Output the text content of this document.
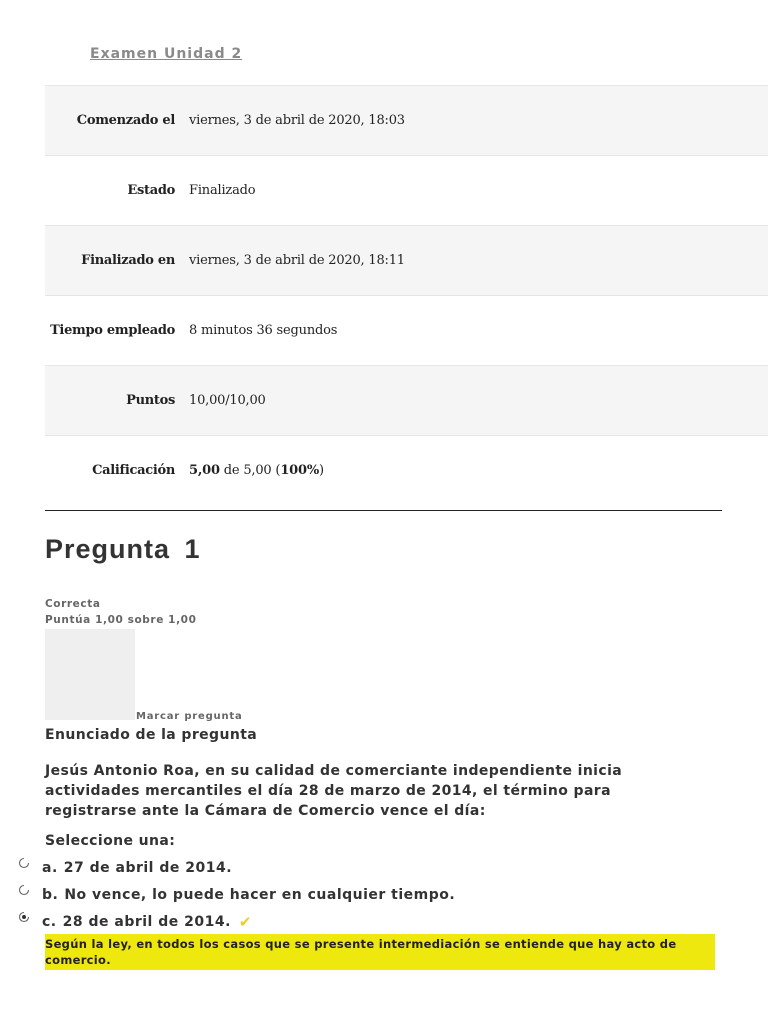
Examen Unidad 2
Comenzado el	viernes, 3 de abril de 2020, 18:03
Estado	Finalizado
Finalizado en	viernes, 3 de abril de 2020, 18:11
Tiempo empleado	8 minutos 36 segundos
Puntos	10,00/10,00
Calificación	5,00 de 5,00 (100%)
Pregunta 1
Correcta
Puntúa 1,00 sobre 1,00
Marcar pregunta
Enunciado de la pregunta
Jesús Antonio Roa, en su calidad de comerciante independiente inicia actividades mercantiles el día 28 de marzo de 2014, el término para registrarse ante la Cámara de Comercio vence el día:
Seleccione una:
a. 27 de abril de 2014.
b. No vence, lo puede hacer en cualquier tiempo.
c. 28 de abril de 2014. ✔
Según la ley, en todos los casos que se presente intermediación se entiende que hay acto de comercio.
